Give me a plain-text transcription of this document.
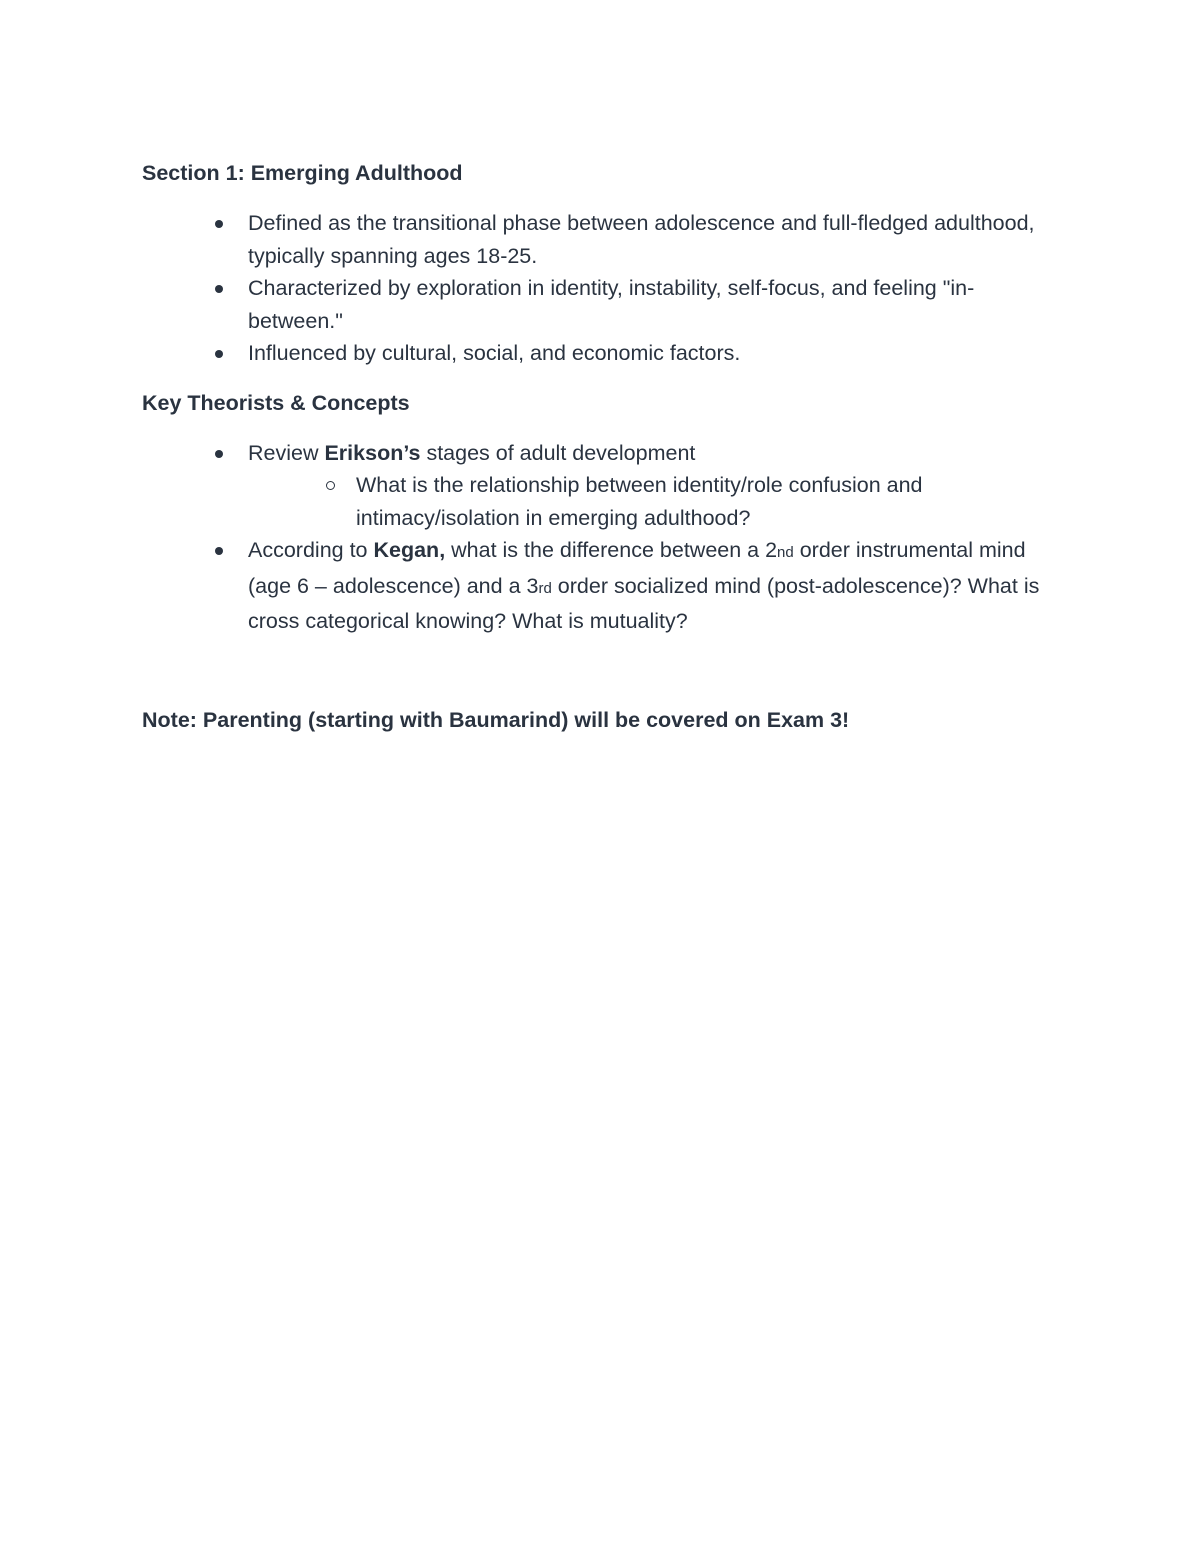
Section 1: Emerging Adulthood

Defined as the transitional phase between adolescence and full-fledged adulthood, typically spanning ages 18-25.
Characterized by exploration in identity, instability, self-focus, and feeling "in-between."
Influenced by cultural, social, and economic factors.

Key Theorists & Concepts

Review Erikson’s stages of adult development
What is the relationship between identity/role confusion and intimacy/isolation in emerging adulthood?
According to Kegan, what is the difference between a 2nd order instrumental mind (age 6 – adolescence) and a 3rd order socialized mind (post-adolescence)? What is cross categorical knowing? What is mutuality?

Note: Parenting (starting with Baumarind) will be covered on Exam 3!
